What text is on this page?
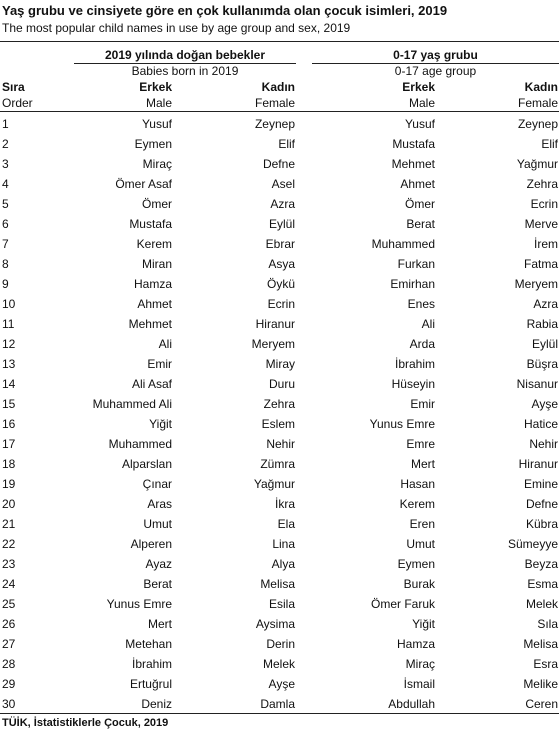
Yaş grubu ve cinsiyete göre en çok kullanımda olan çocuk isimleri, 2019
The most popular child names in use by age group and sex, 2019
2019 yılında doğan bebekler
Babies born in 2019
0-17 yaş grubu
0-17 age group
Sıra
Order
Erkek
Male
Kadın
Female
Erkek
Male
Kadın
Female
1	Yusuf	Zeynep	Yusuf	Zeynep
2	Eymen	Elif	Mustafa	Elif
3	Miraç	Defne	Mehmet	Yağmur
4	Ömer Asaf	Asel	Ahmet	Zehra
5	Ömer	Azra	Ömer	Ecrin
6	Mustafa	Eylül	Berat	Merve
7	Kerem	Ebrar	Muhammed	İrem
8	Miran	Asya	Furkan	Fatma
9	Hamza	Öykü	Emirhan	Meryem
10	Ahmet	Ecrin	Enes	Azra
11	Mehmet	Hiranur	Ali	Rabia
12	Ali	Meryem	Arda	Eylül
13	Emir	Miray	İbrahim	Büşra
14	Ali Asaf	Duru	Hüseyin	Nisanur
15	Muhammed Ali	Zehra	Emir	Ayşe
16	Yiğit	Eslem	Yunus Emre	Hatice
17	Muhammed	Nehir	Emre	Nehir
18	Alparslan	Zümra	Mert	Hiranur
19	Çınar	Yağmur	Hasan	Emine
20	Aras	İkra	Kerem	Defne
21	Umut	Ela	Eren	Kübra
22	Alperen	Lina	Umut	Sümeyye
23	Ayaz	Alya	Eymen	Beyza
24	Berat	Melisa	Burak	Esma
25	Yunus Emre	Esila	Ömer Faruk	Melek
26	Mert	Aysima	Yiğit	Sıla
27	Metehan	Derin	Hamza	Melisa
28	İbrahim	Melek	Miraç	Esra
29	Ertuğrul	Ayşe	İsmail	Melike
30	Deniz	Damla	Abdullah	Ceren
TÜİK, İstatistiklerle Çocuk, 2019
